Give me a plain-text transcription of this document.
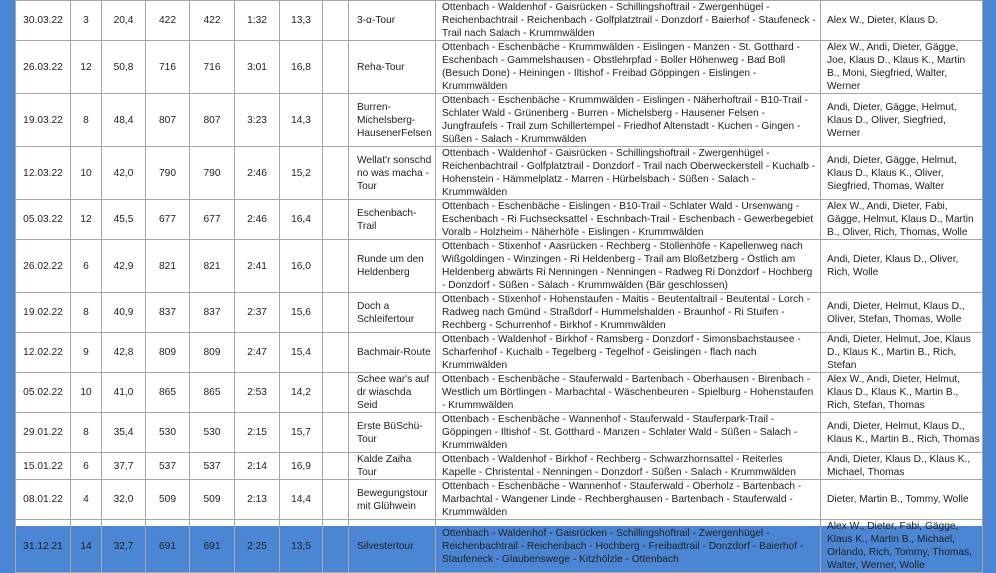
30.03.22	3	20,4	422	422	1:32	13,3		3-α-Tour	Ottenbach - Waldenhof - Gaisrücken - Schillingshoftrail - Zwergenhügel - Reichenbachtrail - Reichenbach - Golfplatztrail - Donzdorf - Baierhof - Staufeneck - Trail nach Salach - Krummwälden	Alex W., Dieter, Klaus D.
26.03.22	12	50,8	716	716	3:01	16,8		Reha-Tour	Ottenbach - Eschenbäche - Krummwälden - Eislingen - Manzen - St. Gotthard - Eschenbach - Gammelshausen - Obstlehrpfad - Boller Höhenweg - Bad Boll (Besuch Done) - Heiningen - Iltishof - Freibad Göppingen - Eislingen - Krummwälden	Alex W., Andi, Dieter, Gägge, Joe, Klaus D., Klaus K., Martin B., Moni, Siegfried, Walter, Werner
19.03.22	8	48,4	807	807	3:23	14,3		Burren-Michelsberg-HausenerFelsen	Ottenbach - Eschenbäche - Krummwälden - Eislingen - Näherhoftrail - B10-Trail - Schlater Wald - Grünenberg - Burren - Michelsberg - Hausener Felsen - Jungfraufels - Trail zum Schillertempel - Friedhof Altenstadt - Kuchen - Gingen - Süßen - Salach - Krummwälden	Andi, Dieter, Gägge, Helmut, Klaus D., Oliver, Siegfried, Werner
12.03.22	10	42,0	790	790	2:46	15,2		Wellat'r sonschd no was macha - Tour	Ottenbach - Waldenhof - Gaisrücken - Schillingshoftrail - Zwergenhügel - Reichenbachtrail - Golfplatztrail - Donzdorf - Trail nach Oberweckerstell - Kuchalb - Hohenstein - Hämmelplatz - Marren - Hürbelsbach - Süßen - Salach - Krummwälden	Andi, Dieter, Gägge, Helmut, Klaus D., Klaus K., Oliver, Siegfried, Thomas, Walter
05.03.22	12	45,5	677	677	2:46	16,4		Eschenbach-Trail	Ottenbach - Eschenbäche - Eislingen - B10-Trail - Schlater Wald - Ursenwang - Eschenbach - Ri Fuchsecksattel - Eschnbach-Trail - Eschenbach - Gewerbegebiet Voralb - Holzheim - Näherhöfe - Eislingen - Krummwälden	Alex W., Andi, Dieter, Fabi, Gägge, Helmut, Klaus D., Martin B., Oliver, Rich, Thomas, Wolle
26.02.22	6	42,9	821	821	2:41	16,0		Runde um den Heldenberg	Ottenbach - Stixenhof - Aasrücken - Rechberg - Stollenhöfe - Kapellenweg nach Wißgoldingen - Winzingen - Ri Heldenberg - Trail am Bloßetzberg - Östlich am Heldenberg abwärts Ri Nenningen - Nenningen - Radweg Ri Donzdorf - Hochberg - Donzdorf - Süßen - Salach - Krummwälden (Bär geschlossen)	Andi, Dieter, Klaus D., Oliver, Rich, Wolle
19.02.22	8	40,9	837	837	2:37	15,6		Doch a Schleifertour	Ottenbach - Stixenhof - Hohenstaufen - Maitis - Beutentaltrail - Beutental - Lorch - Radweg nach Gmünd - Straßdorf - Hummelshalden - Braunhof - Ri Stuifen - Rechberg - Schurrenhof - Birkhof - Krummwälden	Andi, Dieter, Helmut, Klaus D., Oliver, Stefan, Thomas, Wolle
12.02.22	9	42,8	809	809	2:47	15,4		Bachmair-Route	Ottenbach - Waldenhof - Birkhof - Ramsberg - Donzdorf - Simonsbachstausee - Scharfenhof - Kuchalb - Tegelberg - Tegelhof - Geislingen - flach nach Krummwälden	Andi, Dieter, Helmut, Joe, Klaus D., Klaus K., Martin B., Rich, Stefan
05.02.22	10	41,0	865	865	2:53	14,2		Schee war's auf dr wiaschda Seid	Ottenbach - Eschenbäche - Stauferwald - Bartenbach - Oberhausen - Birenbach - Westlich um Börtlingen - Marbachtal - Wäschenbeuren - Spielburg - Hohenstaufen - Krummwälden	Alex W., Andi, Dieter, Helmut, Klaus D., Klaus K., Martin B., Rich, Stefan, Thomas
29.01.22	8	35,4	530	530	2:15	15,7		Erste BüSchü-Tour	Ottenbach - Eschenbäche - Wannenhof - Stauferwald - Stauferpark-Trail - Göppingen - Iltishof - St. Gotthard - Manzen - Schlater Wald - Süßen - Salach - Krummwälden	Andi, Dieter, Helmut, Klaus D., Klaus K., Martin B., Rich, Thomas
15.01.22	6	37,7	537	537	2:14	16,9		Kalde Zaiha Tour	Ottenbach - Waldenhof - Birkhof - Rechberg - Schwarzhornsattel - Reiterles Kapelle - Christental - Nenningen - Donzdorf - Süßen - Salach - Krummwälden	Andi, Dieter, Klaus D., Klaus K., Michael, Thomas
08.01.22	4	32,0	509	509	2:13	14,4		Bewegungstour mit Glühwein	Ottenbach - Eschenbäche - Wannenhof - Stauferwald - Oberholz - Bartenbach - Marbachtal - Wangener Linde - Rechberghausen - Bartenbach - Stauferwald - Krummwälden	Dieter, Martin B., Tommy, Wolle
31.12.21	14	32,7	691	691	2:25	13,5		Silvestertour	Ottenbach - Waldenhof - Gaisrücken - Schillingshoftrail - Zwergenhügel - Reichenbachtrail - Reichenbach - Hochberg - Freibadtrail - Donzdorf - Baierhof - Staufeneck - Glaubenswege - Kitzhölzle - Ottenbach	Alex W., Dieter, Fabi, Gägge, Klaus K., Martin B., Michael, Orlando, Rich, Tommy, Thomas, Walter, Werner, Wolle
